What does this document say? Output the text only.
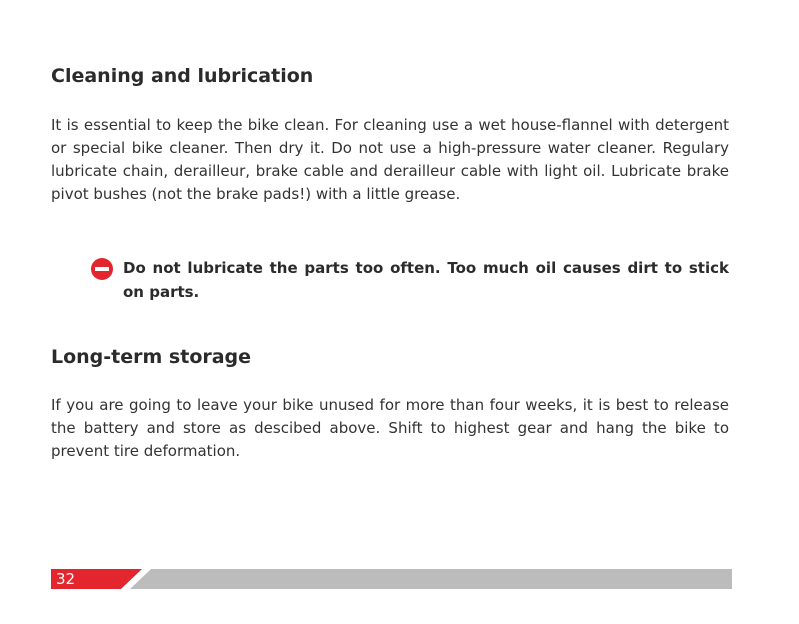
Cleaning and lubrication

It is essential to keep the bike clean. For cleaning use a wet house-flannel with detergent or special bike cleaner. Then dry it. Do not use a high-pressure water cleaner. Regulary lubricate chain, derailleur, brake cable and derailleur cable with light oil. Lubricate brake pivot bushes (not the brake pads!) with a little grease.

Do not lubricate the parts too often. Too much oil causes dirt to stick on parts.

Long-term storage

If you are going to leave your bike unused for more than four weeks, it is best to release the battery and store as descibed above. Shift to highest gear and hang the bike to prevent tire deformation.

32
